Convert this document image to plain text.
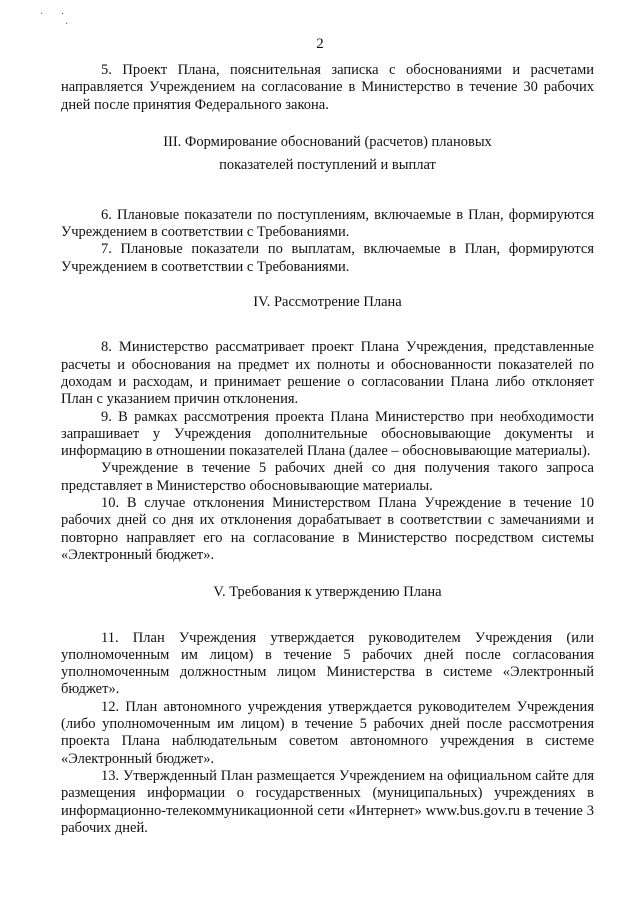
·       ·
·
2

5. Проект Плана, пояснительная записка с обоснованиями и расчетами направляется Учреждением на согласование в Министерство в течение 30 рабочих дней после принятия Федерального закона.

III. Формирование обоснований (расчетов) плановых
показателей поступлений и выплат

6. Плановые показатели по поступлениям, включаемые в План, формируются Учреждением в соответствии с Требованиями.

7. Плановые показатели по выплатам, включаемые в План, формируются Учреждением в соответствии с Требованиями.

IV. Рассмотрение Плана

8. Министерство рассматривает проект Плана Учреждения, представленные расчеты и обоснования на предмет их полноты и обоснованности показателей по доходам и расходам, и принимает решение о согласовании Плана либо отклоняет План с указанием причин отклонения.

9. В рамках рассмотрения проекта Плана Министерство при необходимости запрашивает у Учреждения дополнительные обосновывающие документы и информацию в отношении показателей Плана (далее – обосновывающие материалы).

Учреждение в течение 5 рабочих дней со дня получения такого запроса представляет в Министерство обосновывающие материалы.

10. В случае отклонения Министерством Плана Учреждение в течение 10 рабочих дней со дня их отклонения дорабатывает в соответствии с замечаниями и повторно направляет его на согласование в Министерство посредством системы «Электронный бюджет».

V. Требования к утверждению Плана

11. План Учреждения утверждается руководителем Учреждения (или уполномоченным им лицом) в течение 5 рабочих дней после согласования уполномоченным должностным лицом Министерства в системе «Электронный бюджет».

12. План автономного учреждения утверждается руководителем Учреждения (либо уполномоченным им лицом) в течение 5 рабочих дней после рассмотрения проекта Плана наблюдательным советом автономного учреждения в системе «Электронный бюджет».

13. Утвержденный План размещается Учреждением на официальном сайте для размещения информации о государственных (муниципальных) учреждениях в информационно-телекоммуникационной сети «Интернет» www.bus.gov.ru в течение 3 рабочих дней.
